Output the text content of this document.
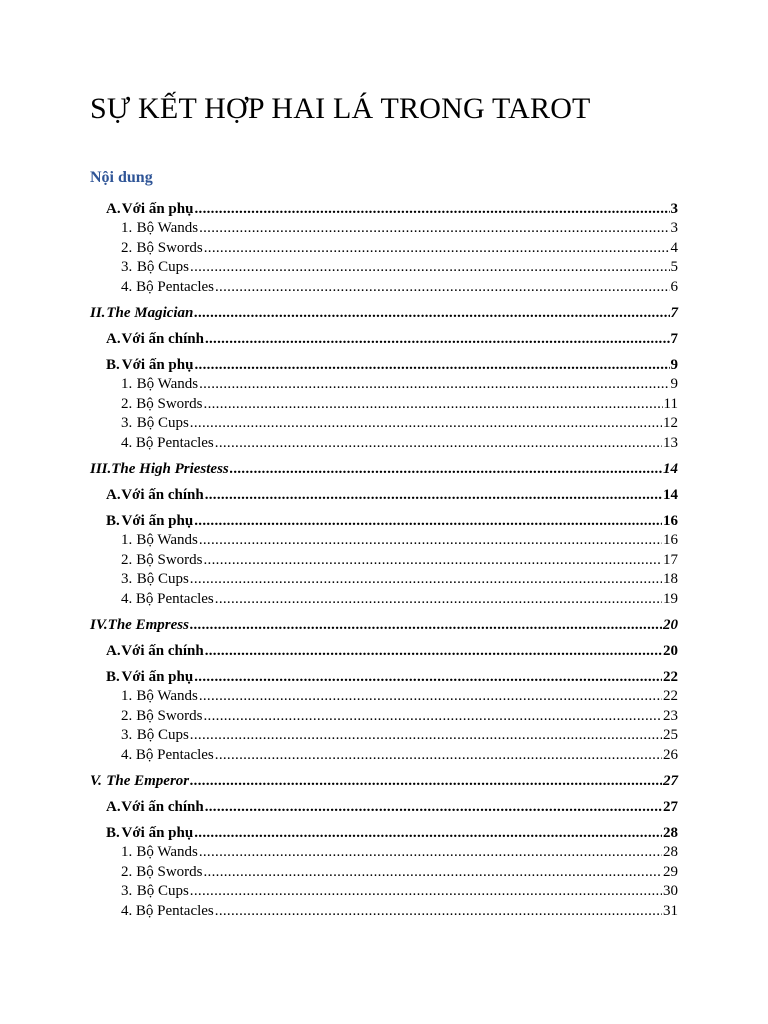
SỰ KẾT HỢP HAI LÁ TRONG TAROT
Nội dung
A. Với ấn phụ .....	3
1. Bộ Wands .....	3
2. Bộ Swords .....	4
3. Bộ Cups .....	5
4. Bộ Pentacles .....	6
II. The Magician .....	7
A. Với ấn chính .....	7
B. Với ấn phụ .....	9
1. Bộ Wands .....	9
2. Bộ Swords .....	11
3. Bộ Cups .....	12
4. Bộ Pentacles .....	13
III. The High Priestess .....	14
A. Với ấn chính .....	14
B. Với ấn phụ .....	16
1. Bộ Wands .....	16
2. Bộ Swords .....	17
3. Bộ Cups .....	18
4. Bộ Pentacles .....	19
IV. The Empress .....	20
A. Với ấn chính .....	20
B. Với ấn phụ .....	22
1. Bộ Wands .....	22
2. Bộ Swords .....	23
3. Bộ Cups .....	25
4. Bộ Pentacles .....	26
V. The Emperor .....	27
A. Với ấn chính .....	27
B. Với ấn phụ .....	28
1. Bộ Wands .....	28
2. Bộ Swords .....	29
3. Bộ Cups .....	30
4. Bộ Pentacles .....	31
